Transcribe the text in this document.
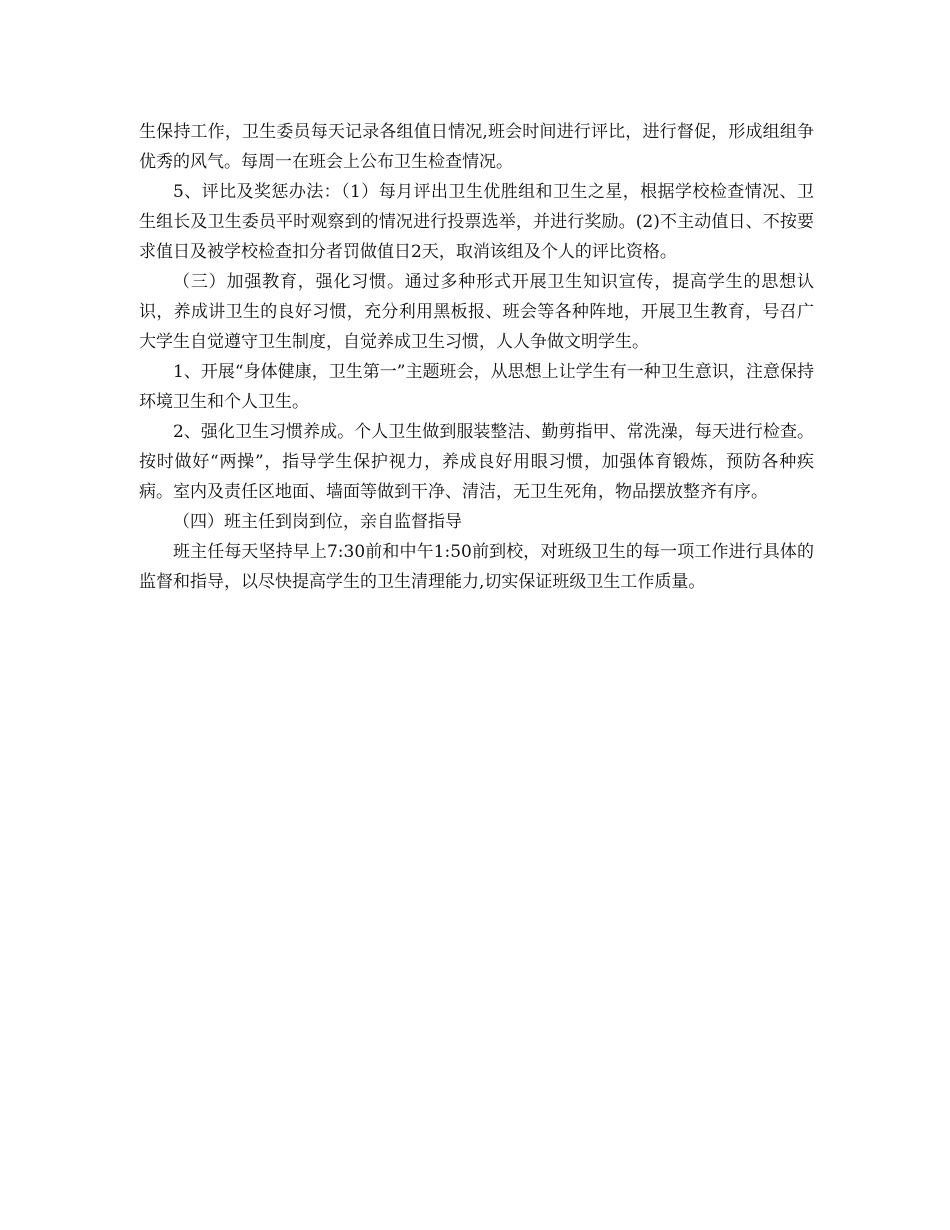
生保持工作，卫生委员每天记录各组值日情况,班会时间进行评比，进行督促，形成组组争优秀的风气。每周一在班会上公布卫生检查情况。

5、评比及奖惩办法：（1）每月评出卫生优胜组和卫生之星，根据学校检查情况、卫生组长及卫生委员平时观察到的情况进行投票选举，并进行奖励。(2)不主动值日、不按要求值日及被学校检查扣分者罚做值日2天，取消该组及个人的评比资格。

（三）加强教育，强化习惯。通过多种形式开展卫生知识宣传，提高学生的思想认识，养成讲卫生的良好习惯，充分利用黑板报、班会等各种阵地，开展卫生教育，号召广大学生自觉遵守卫生制度，自觉养成卫生习惯，人人争做文明学生。

1、开展“身体健康，卫生第一”主题班会，从思想上让学生有一种卫生意识，注意保持环境卫生和个人卫生。

2、强化卫生习惯养成。个人卫生做到服装整洁、勤剪指甲、常洗澡，每天进行检查。按时做好“两操”，指导学生保护视力，养成良好用眼习惯，加强体育锻炼，预防各种疾病。室内及责任区地面、墙面等做到干净、清洁，无卫生死角，物品摆放整齐有序。

（四）班主任到岗到位，亲自监督指导

班主任每天坚持早上7:30前和中午1:50前到校，对班级卫生的每一项工作进行具体的监督和指导，以尽快提高学生的卫生清理能力,切实保证班级卫生工作质量。
